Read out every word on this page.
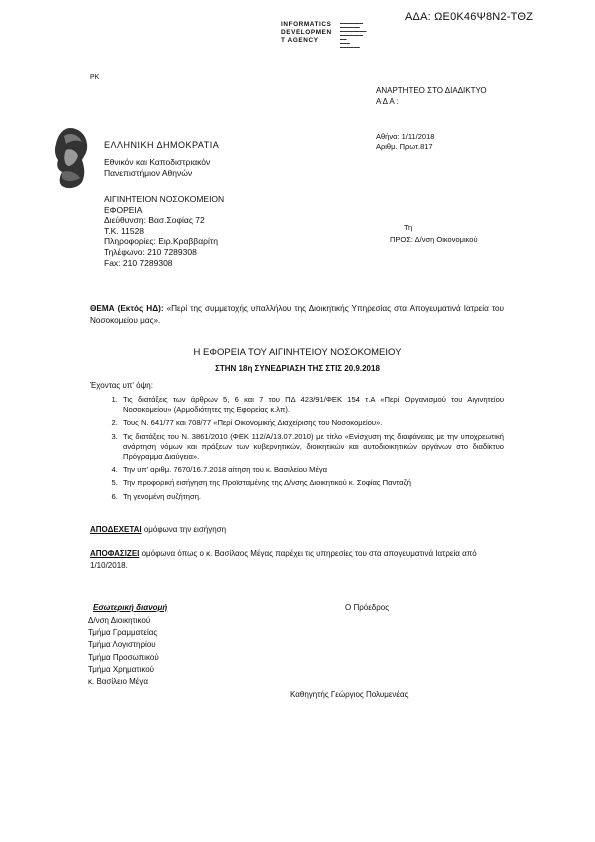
ΑΔΑ: ΩΕ0Κ46Ψ8Ν2-ΤΘΖ
INFORMATICS
DEVELOPMEN
T AGENCY
▬▬▬▬▬▬▬
▬▬▬▬▬▬
▬▬▬▬▬▬▬▬
▬▬▬▬▬▬▬
▬▬
▬▬▬
▬▬▬▬▬▬
PK
ΑΝΑΡΤΗΤΕΟ ΣΤΟ ΔΙΑΔΙΚΤΥΟ
Α Δ Α :
ΕΛΛΗΝΙΚΗ ΔΗΜΟΚΡΑΤΙΑ
Εθνικόν και Καποδιστριακόν
Πανεπιστήμιον Αθηνών
ΑΙΓΙΝΗΤΕΙΟΝ ΝΟΣΟΚΟΜΕΙΟΝ
ΕΦΟΡΕΙΑ
Διεύθυνση: Βασ.Σοφίας 72
Τ.Κ. 11528
Πληροφορίες: Ειρ.Κραββαρίτη
Τηλέφωνο: 210 7289308
Fax: 210 7289308
Αθήνα: 1/11/2018
Αριθμ. Πρωτ.817
Τη
ΠΡΟΣ: Δ/νση Οικονομικού
ΘΕΜΑ (Εκτός ΗΔ): «Περί της συμμετοχής υπαλλήλου της Διοικητικής Υπηρεσίας στα Απογευματινά Ιατρεία του Νοσοκομείου μας».
Η ΕΦΟΡΕΙΑ ΤΟΥ ΑΙΓΙΝΗΤΕΙΟΥ ΝΟΣΟΚΟΜΕΙΟΥ
ΣΤΗΝ 18η ΣΥΝΕΔΡΙΑΣΗ ΤΗΣ ΣΤΙΣ 20.9.2018
Έχοντας υπ' όψη:
1. Τις διατάξεις των άρθρων 5, 6 και 7 του ΠΔ 423/91/ΦΕΚ 154 τ.Α «Περί Οργανισμού του Αιγινητείου Νοσοκομείου» (Αρμοδιότητες της Εφορείας κ.λπ).
2. Τους Ν. 641/77 και 708/77 «Περί Οικονομικής Διαχείρισης του Νοσοκομείου».
3. Τις διατάξεις του Ν. 3861/2010 (ΦΕΚ 112/Α/13.07.2010) με τίτλο «Ενίσχυση της διαφάνειας με την υποχρεωτική ανάρτηση νόμων και πράξεων των κυβερνητικών, διοικητικών και αυτοδιοικητικών οργάνων στο διαδίκτυο Πρόγραμμα Διαύγεια».
4. Την υπ' αριθμ. 7670/16.7.2018 αίτηση του κ. Βασιλείου Μέγα
5. Την προφορική εισήγηση της Προϊσταμένης της Δ/νσης Διοικητικού κ. Σοφίας Πανταζή
6. Τη γενομένη συζήτηση.
ΑΠΟΔΕΧΕΤΑΙ ομόφωνα την εισήγηση
ΑΠΟΦΑΣΙΖΕΙ ομόφωνα όπως ο κ. Βασίλαος Μέγας παρέχει τις υπηρεσίες του στα απογευματινά Ιατρεία από 1/10/2018.
Εσωτερική διανομή
Δ/νση Διοικητικού
Τμήμα Γραμματείας
Τμήμα Λογιστηρίου
Τμήμα Προσωπικού
Τμήμα Χρηματικού
κ. Βασίλειο Μέγα
Ο Πρόεδρος
Καθηγητής Γεώργιος Πολυμενέας
